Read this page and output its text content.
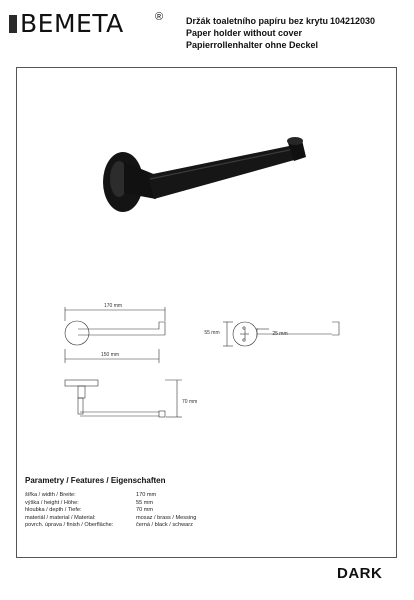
BEMETA	®	Držák toaletního papíru bez krytu
Paper holder without cover
Papierrollenhalter ohne Deckel
104212030
170 mm
150 mm
55 mm	25 mm
70 mm
Parametry / Features / Eigenschaften
šířka / width / Breite:	170 mm
výška / height / Höhe:	55 mm
hloubka / depth / Tiefe:	70 mm
materiál / material / Material:	mosaz / brass / Messing
povrch. úprava / finish / Oberfläche:	černá / black / schwarz
DARK
